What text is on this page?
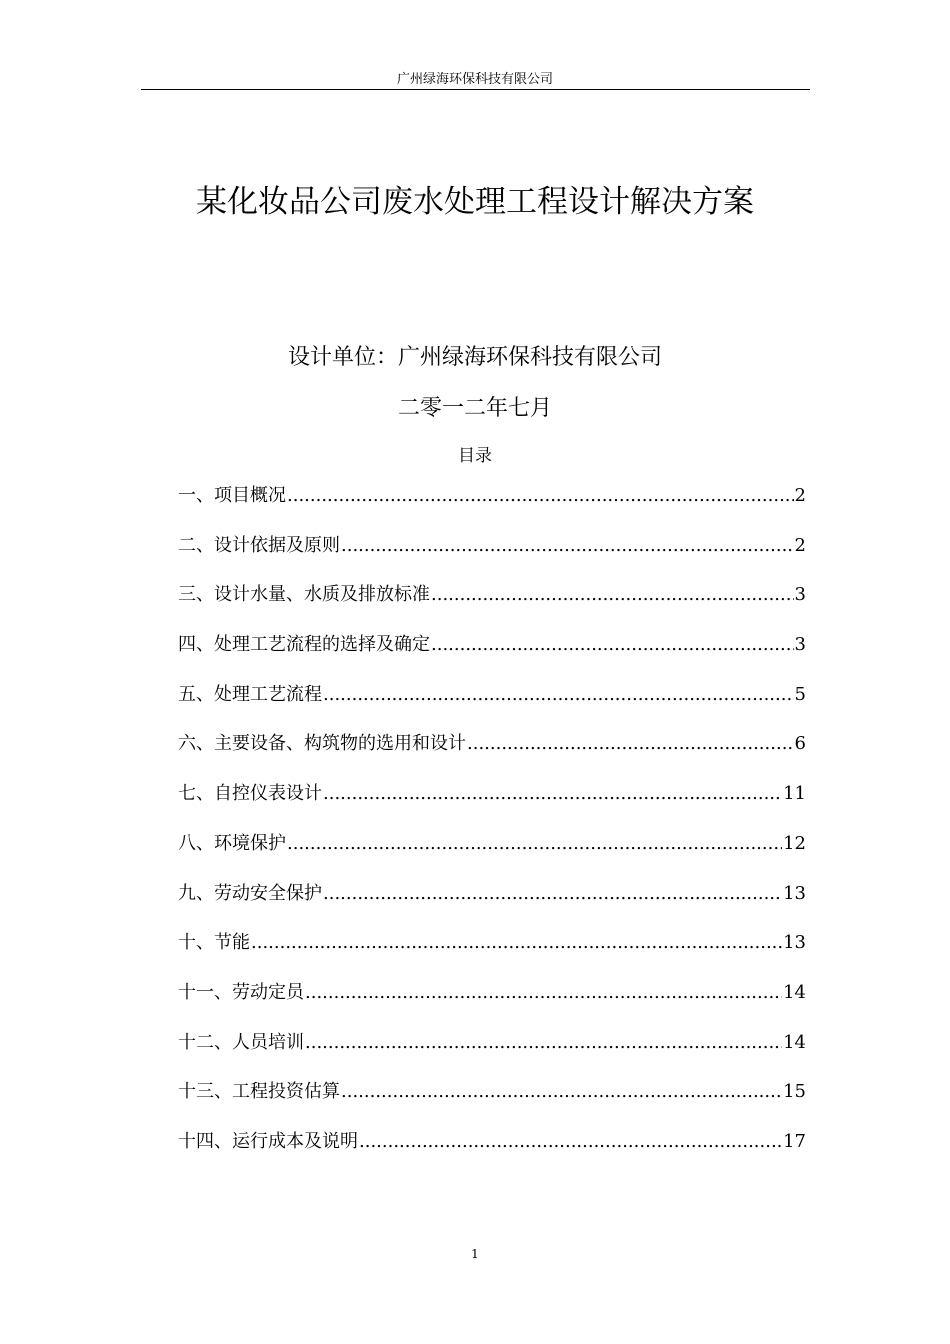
广州绿海环保科技有限公司
某化妆品公司废水处理工程设计解决方案
设计单位：广州绿海环保科技有限公司
二零一二年七月
目录
一、项目概况 .....	2
二、设计依据及原则 .....	2
三、设计水量、水质及排放标准 .....	3
四、处理工艺流程的选择及确定 .....	3
五、处理工艺流程 .....	5
六、主要设备、构筑物的选用和设计 .....	6
七、自控仪表设计 .....	11
八、环境保护 .....	12
九、劳动安全保护 .....	13
十、节能 .....	13
十一、劳动定员 .....	14
十二、人员培训 .....	14
十三、工程投资估算 .....	15
十四、运行成本及说明 .....	17
1
